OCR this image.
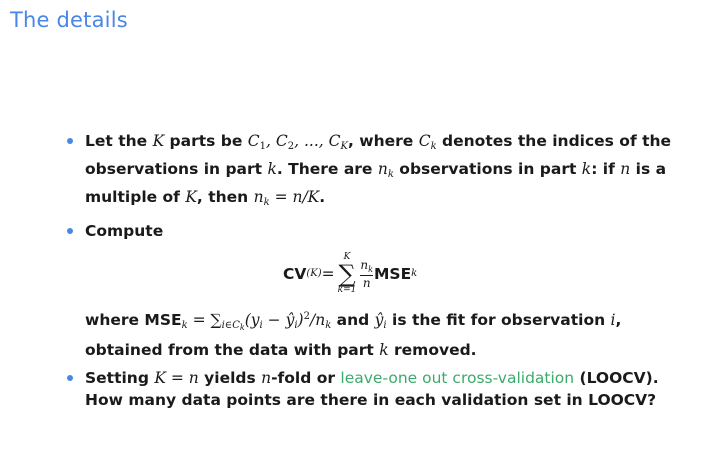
The details
Let the K parts be $C_1$, $C_2$, ..., $C_K$, where $C_k$ denotes the indices of the
observations in part k. There are $n_k$ observations in part k: if n is a
multiple of K, then $n_k = n/K$.
Compute
CV (K) =
K
∑
$k=1 \frac{n_k}{n}$ MSE k
where $MSE_k = \sum_{i\in Ck}(y_i$ − $ŷ_i)^2/n_k$ and $ŷ_i$ is the fit for observation i,
obtained from the data with part k removed.
Setting K = n yields n-fold or leave-one out cross-validation (LOOCV).
How many data points are there in each validation set in LOOCV?
